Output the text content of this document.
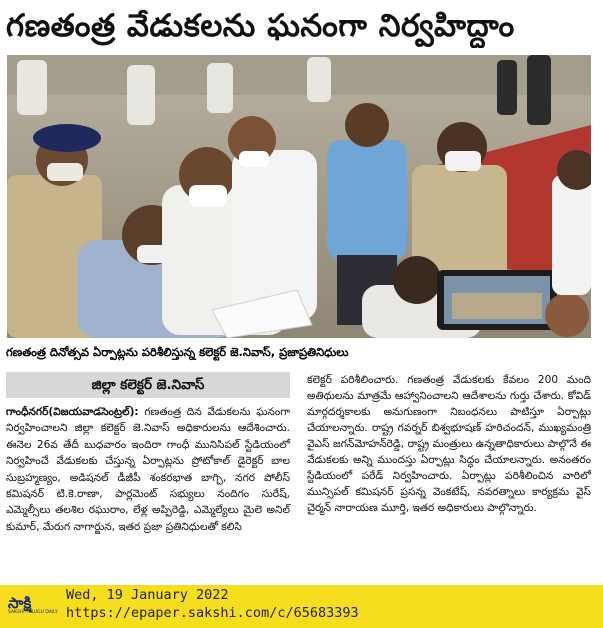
గణతంత్ర వేడుకలను ఘనంగా నిర్వహిద్దాం
గణతంత్ర దినోత్సవ ఏర్పాట్లను పరిశీలిస్తున్న కలెక్టర్ జె.నివాస్, ప్రజాప్రతినిధులు
జిల్లా కలెక్టర్ జె.నివాస్
గాంధీనగర్(విజయవాడసెంట్రల్): గణతంత్ర దిన వేడుకలను ఘనంగా నిర్వహించాలని జిల్లా కలెక్టర్ జె.నివాస్ అధికారులను ఆదేశించారు. ఈనెల 26వ తేదీ బుధవారం ఇందిరా గాంధీ మునిసిపల్ స్టేడియంలో నిర్వహించే వేడుకలకు చేస్తున్న ఏర్పాట్లను ప్రోటోకాల్ డైరెక్టర్ బాల సుబ్రహ్మణ్యం, అడిషనల్ డీజీపీ శంకరభాత బాగ్చి, నగర పోలీస్ కమిషనర్ టి.కె.రాణా, పార్లమెంట్ సభ్యులు నందిగం సురేష్, ఎమ్మెల్సీలు తలశిల రఘురాం, లేళ్ల అప్పిరెడ్డి, ఎమ్మెల్యేలు మైలె అనిల్ కుమార్, మేరుగ నాగార్జున, ఇతర ప్రజా ప్రతినిధులతో కలిసి
కలెక్టర్ పరిశీలించారు. గణతంత్ర వేడుకలకు కేవలం 200 మంది అతిథులను మాత్రమే ఆహ్వానించాలని ఆదేశాలను గుర్తు చేశారు. కోవిడ్ మార్గదర్శకాలకు అనుగుణంగా నిబంధనలు పాటిస్తూ ఏర్పాట్లు చేయాలన్నారు. రాష్ట్ర గవర్నర్ బిశ్వభూషణ్ హరిచందన్, ముఖ్యమంత్రి వైఎస్ జగన్‌మోహన్‌రెడ్డి, రాష్ట్ర మంత్రులు ఉన్నతాధికారులు పాల్గొనే ఈ వేడుకలకు అన్ని ముందస్తు ఏర్పాట్లు సిద్ధం చేయాలన్నారు. అనంతరం స్టేడియంలో పరేడ్ నిర్వహించారు. ఏర్పాట్లు పరిశీలించిన వారిలో మున్సిపల్ కమిషనర్ ప్రసన్న వెంకటేష్, నవరత్నాలు కార్యక్రమ వైస్ చైర్మన్ నారాయణ మూర్తి, ఇతర అధికారులు పాల్గొన్నారు.
సాక్షి
SAKSHI TELUGU DAILY
Wed, 19 January 2022
https://epaper.sakshi.com/c/65683393
